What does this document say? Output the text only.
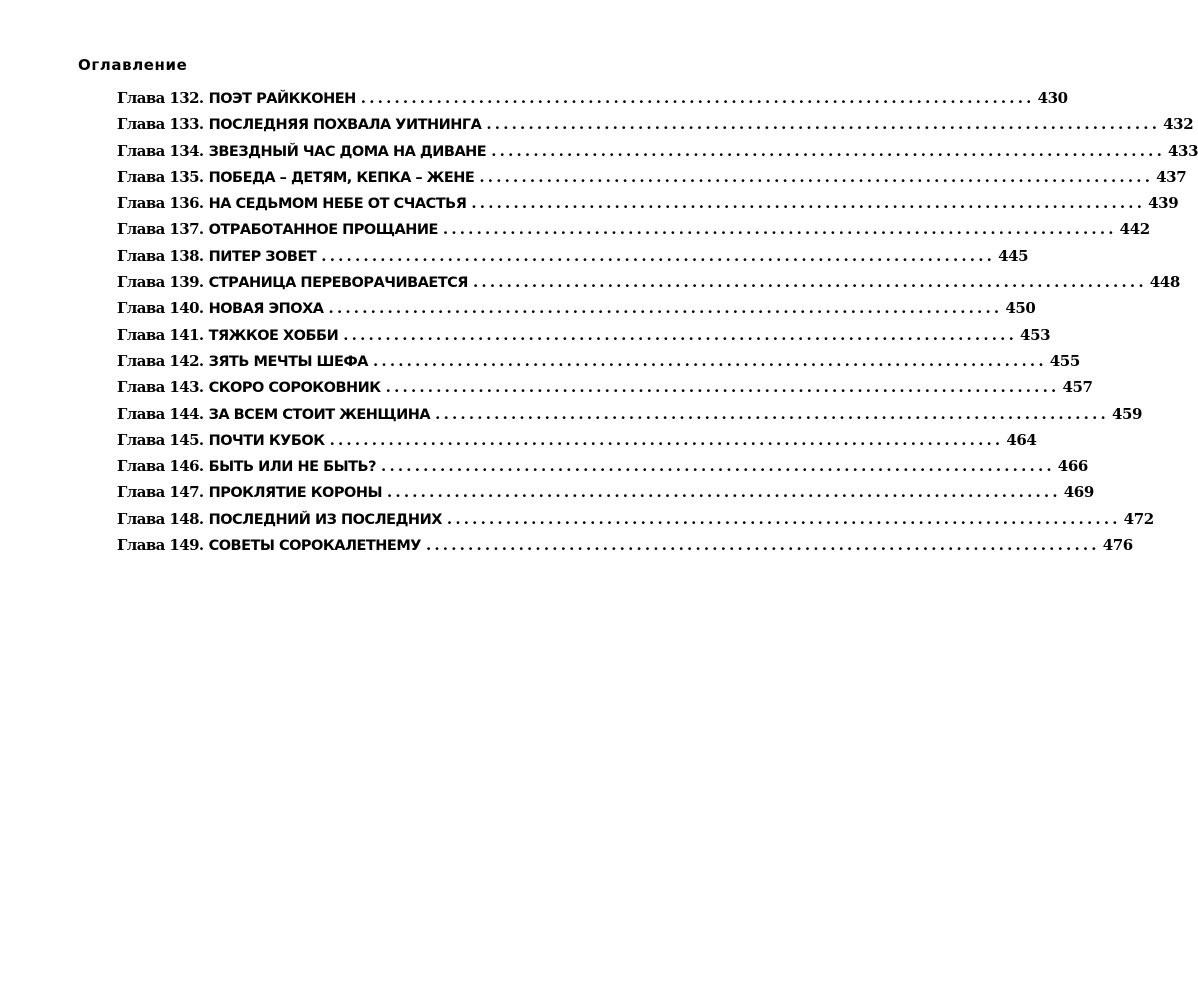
Оглавление
Глава 132. ПОЭТ РАЙККОНЕН ................................................................................ 430
Глава 133. ПОСЛЕДНЯЯ ПОХВАЛА УИТНИНГА ................................................................................ 432
Глава 134. ЗВЕЗДНЫЙ ЧАС ДОМА НА ДИВАНЕ ................................................................................ 433
Глава 135. ПОБЕДА – ДЕТЯМ, КЕПКА – ЖЕНЕ ................................................................................ 437
Глава 136. НА СЕДЬМОМ НЕБЕ ОТ СЧАСТЬЯ ................................................................................ 439
Глава 137. ОТРАБОТАННОЕ ПРОЩАНИЕ ................................................................................ 442
Глава 138. ПИТЕР ЗОВЕТ ................................................................................ 445
Глава 139. СТРАНИЦА ПЕРЕВОРАЧИВАЕТСЯ ................................................................................ 448
Глава 140. НОВАЯ ЭПОХА ................................................................................ 450
Глава 141. ТЯЖКОЕ ХОББИ ................................................................................ 453
Глава 142. ЗЯТЬ МЕЧТЫ ШЕФА ................................................................................ 455
Глава 143. СКОРО СОРОКОВНИК ................................................................................ 457
Глава 144. ЗА ВСЕМ СТОИТ ЖЕНЩИНА ................................................................................ 459
Глава 145. ПОЧТИ КУБОК ................................................................................ 464
Глава 146. БЫТЬ ИЛИ НЕ БЫТЬ? ................................................................................ 466
Глава 147. ПРОКЛЯТИЕ КОРОНЫ ................................................................................ 469
Глава 148. ПОСЛЕДНИЙ ИЗ ПОСЛЕДНИХ ................................................................................ 472
Глава 149. СОВЕТЫ СОРОКАЛЕТНЕМУ ................................................................................ 476
